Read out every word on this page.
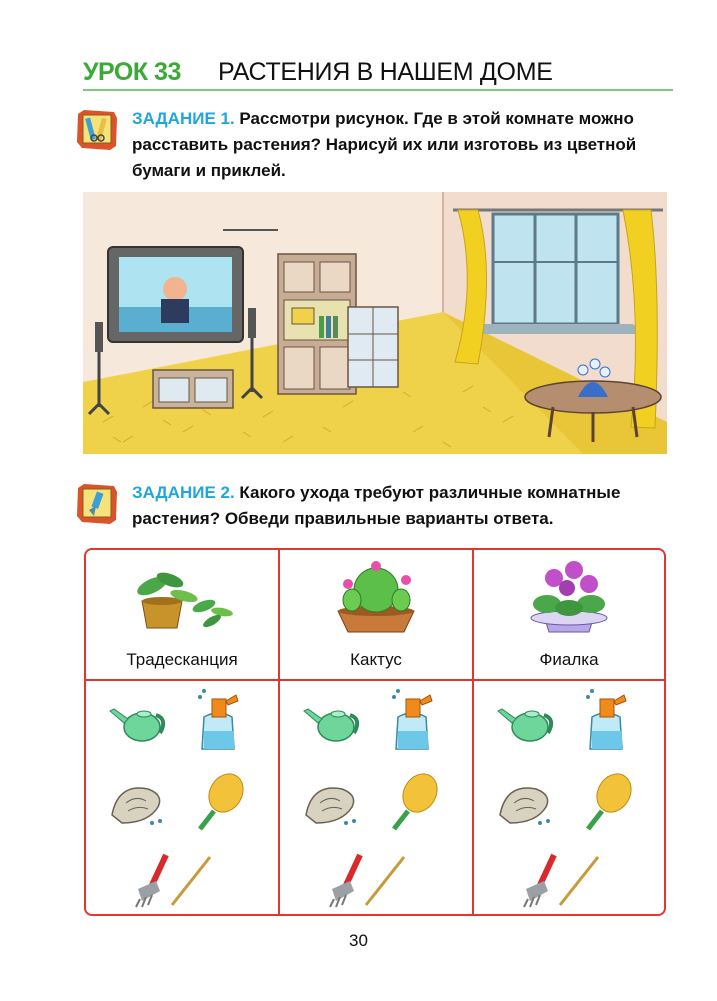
УРОК 33 РАСТЕНИЯ В НАШЕМ ДОМЕ
ЗАДАНИЕ 1. Рассмотри рисунок. Где в этой комнате можно расставить растения? Нарисуй их или изготовь из цветной бумаги и приклей.
ЗАДАНИЕ 2. Какого ухода требуют различные комнатные растения? Обведи правильные варианты ответа.
Традесканция	Кактус	Фиалка
30
